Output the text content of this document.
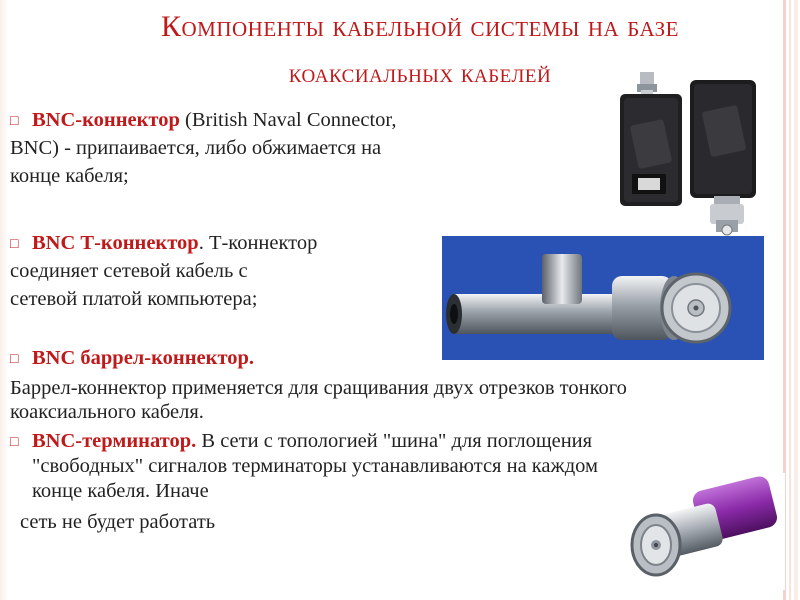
Компоненты кабельной системы на базе
коаксиальных кабелей
□BNC-коннектор (British Naval Connector,
BNC) - припаивается, либо обжимается на
конце кабеля;
□BNC Т-коннектор. Т-коннектор
соединяет сетевой кабель с
сетевой платой компьютера;
□BNC баррел-коннектор.
Баррел-коннектор применяется для сращивания двух отрезков тонкого
коаксиального кабеля.
□BNC-терминатор. В сети с топологией "шина" для поглощения
"свободных" сигналов терминаторы устанавливаются на каждом
конце кабеля. Иначе
сеть не будет работать
